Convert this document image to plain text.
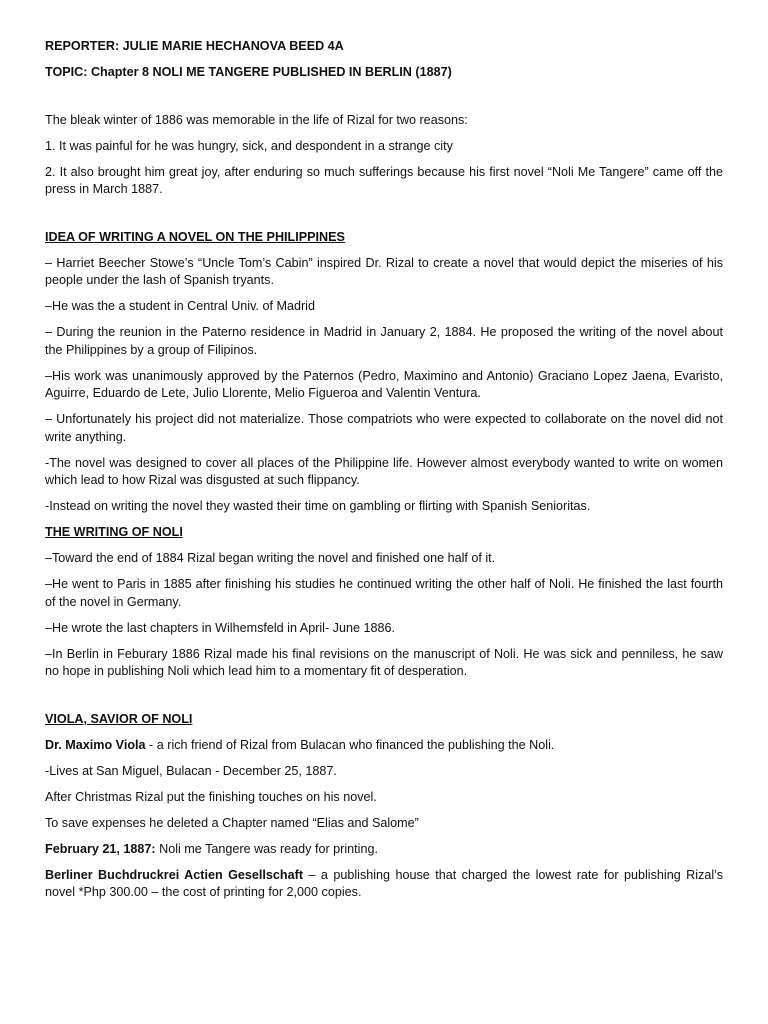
REPORTER: JULIE MARIE HECHANOVA BEED 4A

TOPIC: Chapter 8 NOLI ME TANGERE PUBLISHED IN BERLIN (1887)

The bleak winter of 1886 was memorable in the life of Rizal for two reasons:

1. It was painful for he was hungry, sick, and despondent in a strange city

2. It also brought him great joy, after enduring so much sufferings because his first novel “Noli Me Tangere” came off the press in March 1887.

IDEA OF WRITING A NOVEL ON THE PHILIPPINES

– Harriet Beecher Stowe’s “Uncle Tom’s Cabin” inspired Dr. Rizal to create a novel that would depict the miseries of his people under the lash of Spanish tryants.

–He was the a student in Central Univ. of Madrid

– During the reunion in the Paterno residence in Madrid in January 2, 1884. He proposed the writing of the novel about the Philippines by a group of Filipinos.

–His work was unanimously approved by the Paternos (Pedro, Maximino and Antonio) Graciano Lopez Jaena, Evaristo, Aguirre, Eduardo de Lete, Julio Llorente, Melio Figueroa and Valentin Ventura.

– Unfortunately his project did not materialize. Those compatriots who were expected to collaborate on the novel did not write anything.

-The novel was designed to cover all places of the Philippine life. However almost everybody wanted to write on women which lead to how Rizal was disgusted at such flippancy.

-Instead on writing the novel they wasted their time on gambling or flirting with Spanish Senioritas.

THE WRITING OF NOLI

–Toward the end of 1884 Rizal began writing the novel and finished one half of it.

–He went to Paris in 1885 after finishing his studies he continued writing the other half of Noli. He finished the last fourth of the novel in Germany.

–He wrote the last chapters in Wilhemsfeld in April- June 1886.

–In Berlin in Feburary 1886 Rizal made his final revisions on the manuscript of Noli. He was sick and penniless, he saw no hope in publishing Noli which lead him to a momentary fit of desperation.

VIOLA, SAVIOR OF NOLI

Dr. Maximo Viola - a rich friend of Rizal from Bulacan who financed the publishing the Noli.

-Lives at San Miguel, Bulacan - December 25, 1887.

After Christmas Rizal put the finishing touches on his novel.

To save expenses he deleted a Chapter named “Elias and Salome”

February 21, 1887: Noli me Tangere was ready for printing.

Berliner Buchdruckrei Actien Gesellschaft – a publishing house that charged the lowest rate for publishing Rizal’s novel *Php 300.00 – the cost of printing for 2,000 copies.
